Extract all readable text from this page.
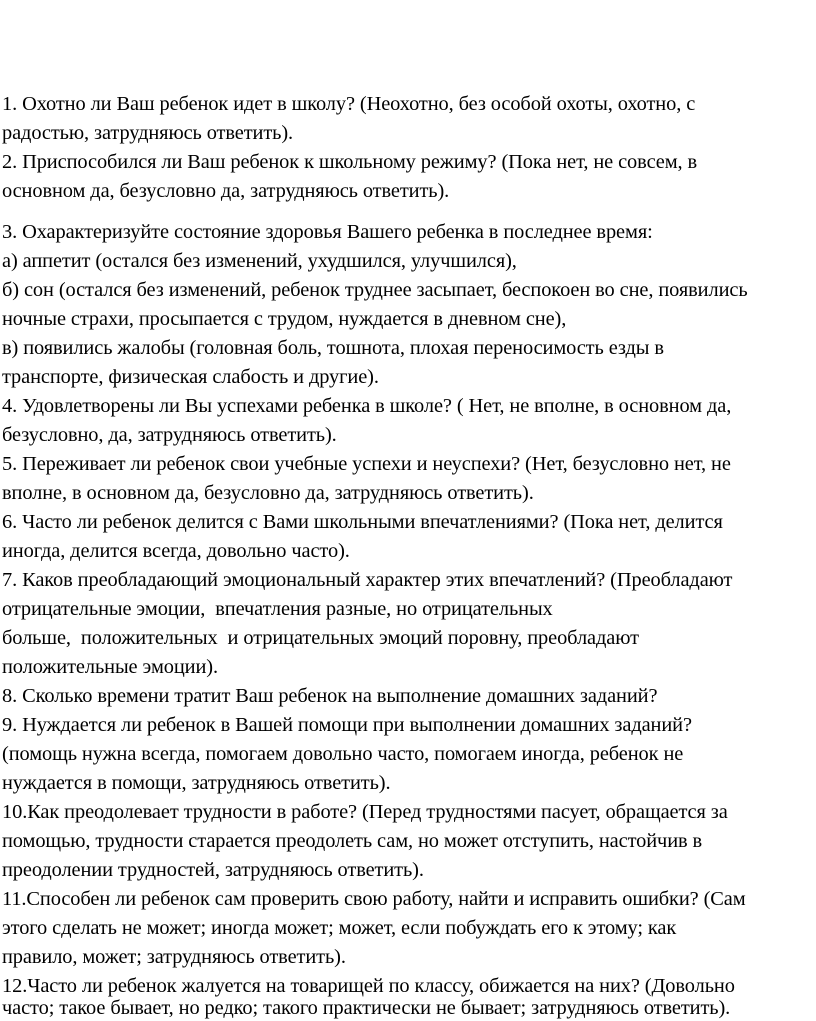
1. Охотно ли Ваш ребенок идет в школу? (Неохотно, без особой охоты, охотно, с
радостью, затрудняюсь ответить).
2. Приспособился ли Ваш ребенок к школьному режиму? (Пока нет, не совсем, в
основном да, безусловно да, затрудняюсь ответить).
3. Охарактеризуйте состояние здоровья Вашего ребенка в последнее время:
а) аппетит (остался без изменений, ухудшился, улучшился),
б) сон (остался без изменений, ребенок труднее засыпает, беспокоен во сне, появились
ночные страхи, просыпается с трудом, нуждается в дневном сне),
в) появились жалобы (головная боль, тошнота, плохая переносимость езды в
транспорте, физическая слабость и другие).
4. Удовлетворены ли Вы успехами ребенка в школе? ( Нет, не вполне, в основном да,
безусловно, да, затрудняюсь ответить).
5. Переживает ли ребенок свои учебные успехи и неуспехи? (Нет, безусловно нет, не
вполне, в основном да, безусловно да, затрудняюсь ответить).
6. Часто ли ребенок делится с Вами школьными впечатлениями? (Пока нет, делится
иногда, делится всегда, довольно часто).
7. Каков преобладающий эмоциональный характер этих впечатлений? (Преобладают
отрицательные эмоции,  впечатления разные, но отрицательных
больше,  положительных  и отрицательных эмоций поровну, преобладают
положительные эмоции).
8. Сколько времени тратит Ваш ребенок на выполнение домашних заданий?
9. Нуждается ли ребенок в Вашей помощи при выполнении домашних заданий?
(помощь нужна всегда, помогаем довольно часто, помогаем иногда, ребенок не
нуждается в помощи, затрудняюсь ответить).
10.Как преодолевает трудности в работе? (Перед трудностями пасует, обращается за
помощью, трудности старается преодолеть сам, но может отступить, настойчив в
преодолении трудностей, затрудняюсь ответить).
11.Способен ли ребенок сам проверить свою работу, найти и исправить ошибки? (Сам
этого сделать не может; иногда может; может, если побуждать его к этому; как
правило, может; затрудняюсь ответить).
12.Часто ли ребенок жалуется на товарищей по классу, обижается на них? (Довольно
часто; такое бывает, но редко; такого практически не бывает; затрудняюсь ответить).
